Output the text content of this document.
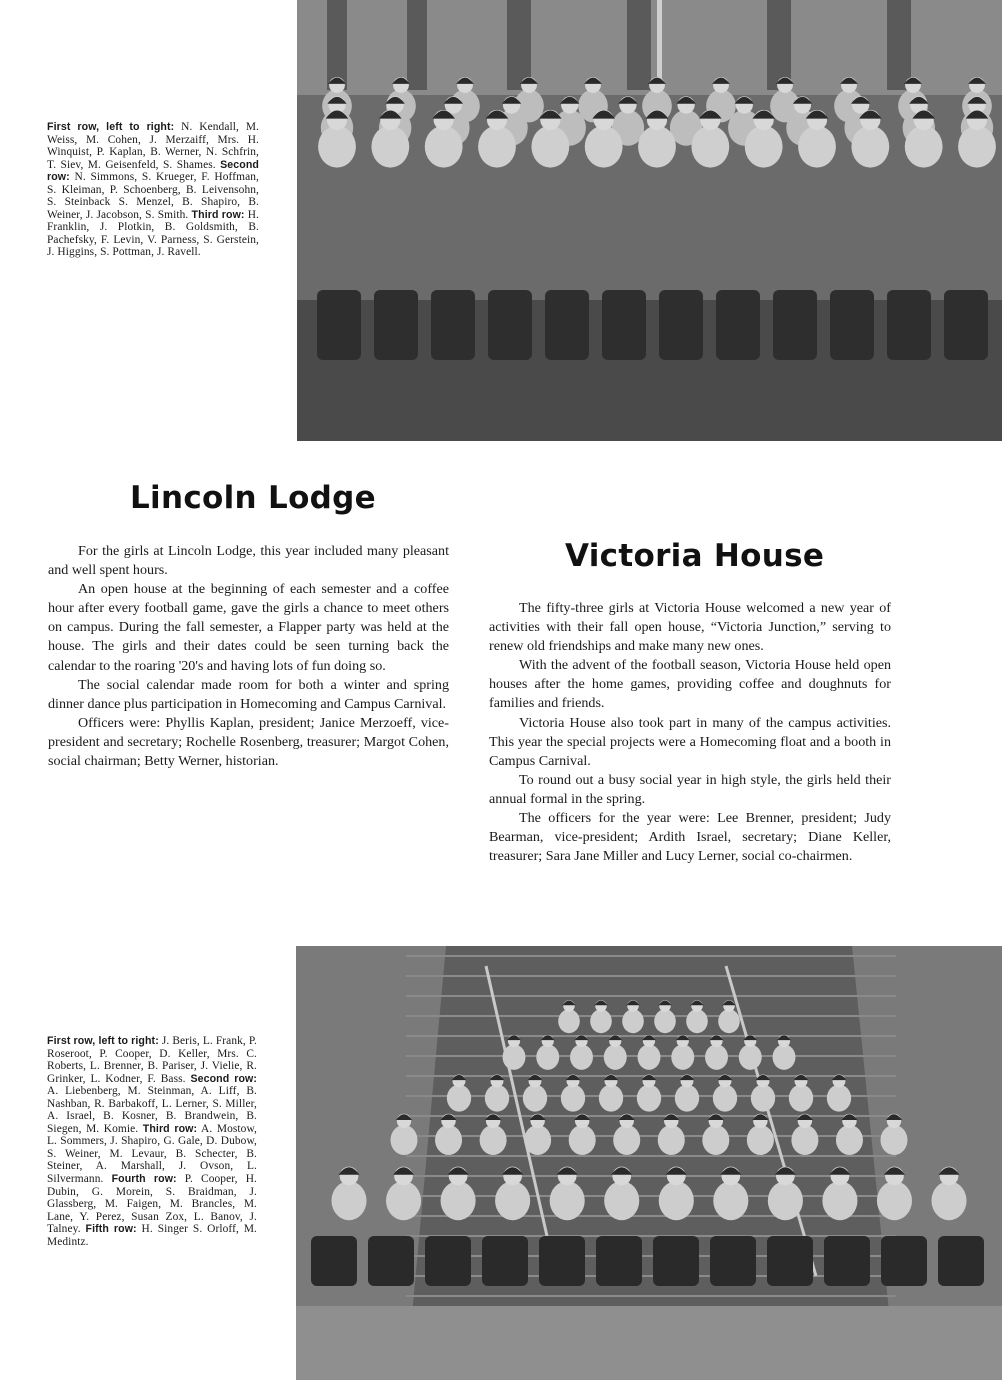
First row, left to right: N. Kendall, M. Weiss, M. Cohen, J. Merzaiff, Mrs. H. Winquist, P. Kaplan, B. Werner, N. Schfrin, T. Siev, M. Geisenfeld, S. Shames. Second row: N. Simmons, S. Krueger, F. Hoffman, S. Kleiman, P. Schoenberg, B. Leivensohn, S. Steinback S. Menzel, B. Shapiro, B. Weiner, J. Jacobson, S. Smith. Third row: H. Franklin, J. Plotkin, B. Goldsmith, B. Pachefsky, F. Levin, V. Parness, S. Gerstein, J. Higgins, S. Pottman, J. Ravell.
Lincoln Lodge

For the girls at Lincoln Lodge, this year included many pleasant and well spent hours.

An open house at the beginning of each semester and a coffee hour after every football game, gave the girls a chance to meet others on campus. During the fall semester, a Flapper party was held at the house. The girls and their dates could be seen turning back the calendar to the roaring '20's and having lots of fun doing so.

The social calendar made room for both a winter and spring dinner dance plus participation in Homecoming and Campus Carnival.

Officers were: Phyllis Kaplan, president; Janice Merzoeff, vice-president and secretary; Rochelle Rosenberg, treasurer; Margot Cohen, social chairman; Betty Werner, historian.

Victoria House

The fifty-three girls at Victoria House welcomed a new year of activities with their fall open house, “Victoria Junction,” serving to renew old friendships and make many new ones.

With the advent of the football season, Victoria House held open houses after the home games, providing coffee and doughnuts for families and friends.

Victoria House also took part in many of the campus activities. This year the special projects were a Homecoming float and a booth in Campus Carnival.

To round out a busy social year in high style, the girls held their annual formal in the spring.

The officers for the year were: Lee Brenner, president; Judy Bearman, vice-president; Ardith Israel, secretary; Diane Keller, treasurer; Sara Jane Miller and Lucy Lerner, social co-chairmen.

First row, left to right: J. Beris, L. Frank, P. Roseroot, P. Cooper, D. Keller, Mrs. C. Roberts, L. Brenner, B. Pariser, J. Vielie, R. Grinker, L. Kodner, F. Bass. Second row: A. Liebenberg, M. Steinman, A. Liff, B. Nashban, R. Barbakoff, L. Lerner, S. Miller, A. Israel, B. Kosner, B. Brandwein, B. Siegen, M. Komie. Third row: A. Mostow, L. Sommers, J. Shapiro, G. Gale, D. Dubow, S. Weiner, M. Levaur, B. Schecter, B. Steiner, A. Marshall, J. Ovson, L. Silvermann. Fourth row: P. Cooper, H. Dubin, G. Morein, S. Braidman, J. Glassberg, M. Faigen, M. Brancles, M. Lane, Y. Perez, Susan Zox, L. Banov, J. Talney. Fifth row: H. Singer S. Orloff, M. Medintz.
